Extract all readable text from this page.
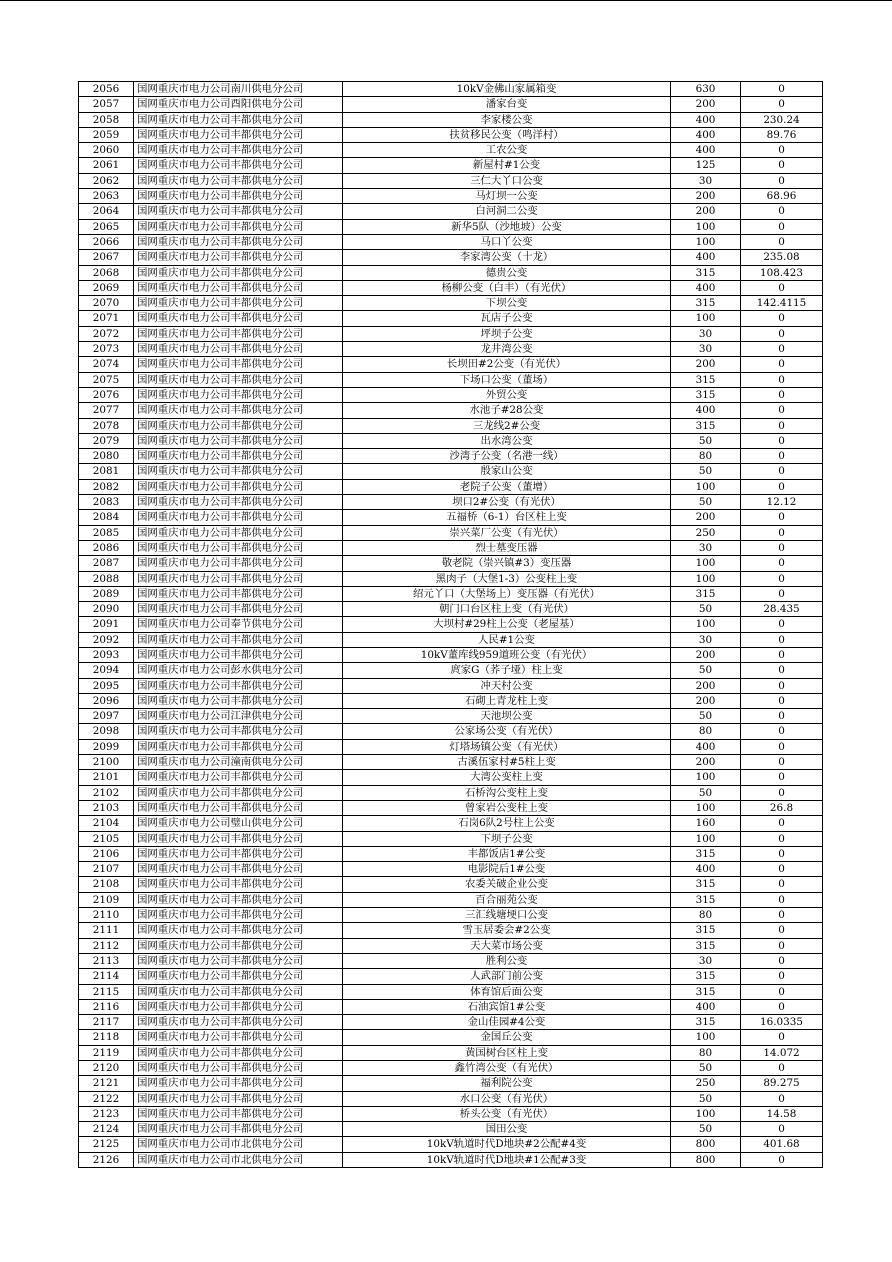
2056	国网重庆市电力公司南川供电分公司	10kV金佛山家属箱变	630	0
2057	国网重庆市电力公司酉阳供电分公司	潘家台变	200	0
2058	国网重庆市电力公司丰都供电分公司	李家楼公变	400	230.24
2059	国网重庆市电力公司丰都供电分公司	扶贫移民公变（鸣洋村）	400	89.76
2060	国网重庆市电力公司丰都供电分公司	工农公变	400	0
2061	国网重庆市电力公司丰都供电分公司	新屋村#1公变	125	0
2062	国网重庆市电力公司丰都供电分公司	三仁大丫口公变	30	0
2063	国网重庆市电力公司丰都供电分公司	马灯坝一公变	200	68.96
2064	国网重庆市电力公司丰都供电分公司	白河洞二公变	200	0
2065	国网重庆市电力公司丰都供电分公司	新华5队（沙地坡）公变	100	0
2066	国网重庆市电力公司丰都供电分公司	马口丫公变	100	0
2067	国网重庆市电力公司丰都供电分公司	李家湾公变（十龙）	400	235.08
2068	国网重庆市电力公司丰都供电分公司	德贵公变	315	108.423
2069	国网重庆市电力公司丰都供电分公司	杨柳公变（白丰）（有光伏）	400	0
2070	国网重庆市电力公司丰都供电分公司	下坝公变	315	142.4115
2071	国网重庆市电力公司丰都供电分公司	瓦店子公变	100	0
2072	国网重庆市电力公司丰都供电分公司	坪坝子公变	30	0
2073	国网重庆市电力公司丰都供电分公司	龙井湾公变	30	0
2074	国网重庆市电力公司丰都供电分公司	长坝田#2公变（有光伏）	200	0
2075	国网重庆市电力公司丰都供电分公司	下场口公变（董场）	315	0
2076	国网重庆市电力公司丰都供电分公司	外贸公变	315	0
2077	国网重庆市电力公司丰都供电分公司	水池子#28公变	400	0
2078	国网重庆市电力公司丰都供电分公司	三龙线2#公变	315	0
2079	国网重庆市电力公司丰都供电分公司	出水湾公变	50	0
2080	国网重庆市电力公司丰都供电分公司	沙湾子公变（名港一线）	80	0
2081	国网重庆市电力公司丰都供电分公司	殷家山公变	50	0
2082	国网重庆市电力公司丰都供电分公司	老院子公变（董增）	100	0
2083	国网重庆市电力公司丰都供电分公司	坝口2#公变（有光伏）	50	12.12
2084	国网重庆市电力公司丰都供电分公司	五福桥（6-1）台区柱上变	200	0
2085	国网重庆市电力公司丰都供电分公司	崇兴菜厂公变（有光伏）	250	0
2086	国网重庆市电力公司丰都供电分公司	烈士墓变压器	30	0
2087	国网重庆市电力公司丰都供电分公司	敬老院（崇兴镇#3）变压器	100	0
2088	国网重庆市电力公司丰都供电分公司	黑肉子（大堡1-3）公变柱上变	100	0
2089	国网重庆市电力公司丰都供电分公司	绍元丫口（大堡场上）变压器（有光伏）	315	0
2090	国网重庆市电力公司丰都供电分公司	朝门口台区柱上变（有光伏）	50	28.435
2091	国网重庆市电力公司奉节供电分公司	大坝村#29柱上公变（老屋基）	100	0
2092	国网重庆市电力公司丰都供电分公司	人民#1公变	30	0
2093	国网重庆市电力公司丰都供电分公司	10kV董库线959道班公变（有光伏）	200	0
2094	国网重庆市电力公司彭水供电分公司	庹家G（荞子垭）柱上变	50	0
2095	国网重庆市电力公司丰都供电分公司	冲天村公变	200	0
2096	国网重庆市电力公司丰都供电分公司	石砌上青龙柱上变	200	0
2097	国网重庆市电力公司江津供电分公司	天池坝公变	50	0
2098	国网重庆市电力公司丰都供电分公司	公家场公变（有光伏）	80	0
2099	国网重庆市电力公司丰都供电分公司	灯塔场镇公变（有光伏）	400	0
2100	国网重庆市电力公司潼南供电分公司	古溪伍家村#5柱上变	200	0
2101	国网重庆市电力公司丰都供电分公司	大湾公变柱上变	100	0
2102	国网重庆市电力公司丰都供电分公司	石桥沟公变柱上变	50	0
2103	国网重庆市电力公司丰都供电分公司	曾家岩公变柱上变	100	26.8
2104	国网重庆市电力公司璧山供电分公司	石岗6队2号柱上公变	160	0
2105	国网重庆市电力公司丰都供电分公司	下坝子公变	100	0
2106	国网重庆市电力公司丰都供电分公司	丰都饭店1#公变	315	0
2107	国网重庆市电力公司丰都供电分公司	电影院后1#公变	400	0
2108	国网重庆市电力公司丰都供电分公司	农委关破企业公变	315	0
2109	国网重庆市电力公司丰都供电分公司	百合丽苑公变	315	0
2110	国网重庆市电力公司丰都供电分公司	三汇线塘埂口公变	80	0
2111	国网重庆市电力公司丰都供电分公司	雪玉居委会#2公变	315	0
2112	国网重庆市电力公司丰都供电分公司	天大菜市场公变	315	0
2113	国网重庆市电力公司丰都供电分公司	胜利公变	30	0
2114	国网重庆市电力公司丰都供电分公司	人武部门前公变	315	0
2115	国网重庆市电力公司丰都供电分公司	体育馆后面公变	315	0
2116	国网重庆市电力公司丰都供电分公司	石油宾馆1#公变	400	0
2117	国网重庆市电力公司丰都供电分公司	金山佳园#4公变	315	16.0335
2118	国网重庆市电力公司丰都供电分公司	金国丘公变	100	0
2119	国网重庆市电力公司丰都供电分公司	黄国树台区柱上变	80	14.072
2120	国网重庆市电力公司丰都供电分公司	鑫竹湾公变（有光伏）	50	0
2121	国网重庆市电力公司丰都供电分公司	福利院公变	250	89.275
2122	国网重庆市电力公司丰都供电分公司	水口公变（有光伏）	50	0
2123	国网重庆市电力公司丰都供电分公司	桥头公变（有光伏）	100	14.58
2124	国网重庆市电力公司丰都供电分公司	国田公变	50	0
2125	国网重庆市电力公司市北供电分公司	10kV轨道时代D地块#2公配#4变	800	401.68
2126	国网重庆市电力公司市北供电分公司	10kV轨道时代D地块#1公配#3变	800	0
